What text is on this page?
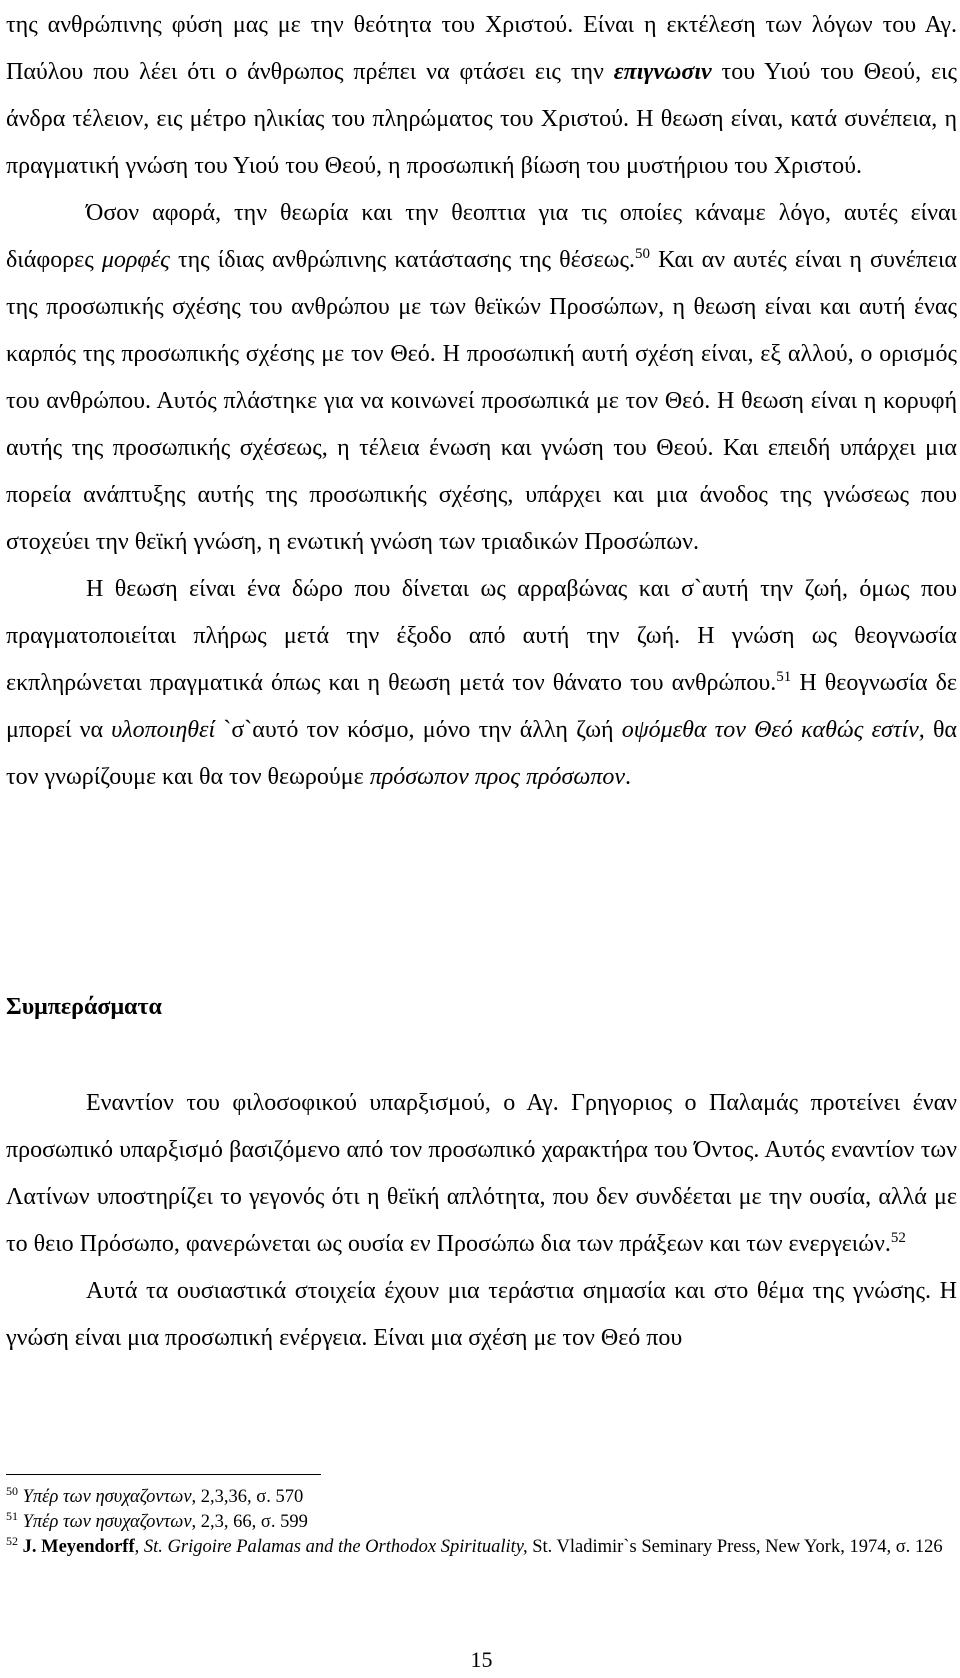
της ανθρώπινης φύση μας με την θεότητα του Χριστού. Είναι η εκτέλεση των λόγων του Αγ. Παύλου που λέει ότι ο άνθρωπος πρέπει να φτάσει εις την επιγνωσιν του Υιού του Θεού, εις άνδρα τέλειον, εις μέτρο ηλικίας του πληρώματος του Χριστού. Η θεωση είναι, κατά συνέπεια, η πραγματική γνώση του Υιού του Θεού, η προσωπική βίωση του μυστήριου του Χριστού.

Όσον αφορά, την θεωρία και την θεοπτια για τις οποίες κάναμε λόγο, αυτές είναι διάφορες μορφές της ίδιας ανθρώπινης κατάστασης της θέσεως.$^{50}$ Και αν αυτές είναι η συνέπεια της προσωπικής σχέσης του ανθρώπου με των θεϊκών Προσώπων, η θεωση είναι και αυτή ένας καρπός της προσωπικής σχέσης με τον Θεό. Η προσωπική αυτή σχέση είναι, εξ αλλού, ο ορισμός του ανθρώπου. Αυτός πλάστηκε για να κοινωνεί προσωπικά με τον Θεό. Η θεωση είναι η κορυφή αυτής της προσωπικής σχέσεως, η τέλεια ένωση και γνώση του Θεού. Και επειδή υπάρχει μια πορεία ανάπτυξης αυτής της προσωπικής σχέσης, υπάρχει και μια άνοδος της γνώσεως που στοχεύει την θεϊκή γνώση, η ενωτική γνώση των τριαδικών Προσώπων.

Η θεωση είναι ένα δώρο που δίνεται ως αρραβώνας και σ`αυτή την ζωή, όμως που πραγματοποιείται πλήρως μετά την έξοδο από αυτή την ζωή. Η γνώση ως θεογνωσία εκπληρώνεται πραγματικά όπως και η θεωση μετά τον θάνατο του ανθρώπου.$^{51}$ Η θεογνωσία δε μπορεί να υλοποιηθεί `σ`αυτό τον κόσμο, μόνο την άλλη ζωή οψόμεθα τον Θεό καθώς εστίν, θα τον γνωρίζουμε και θα τον θεωρούμε πρόσωπον προς πρόσωπον.

Συμπεράσματα

Εναντίον του φιλοσοφικού υπαρξισμού, ο Αγ. Γρηγοριος ο Παλαμάς προτείνει έναν προσωπικό υπαρξισμό βασιζόμενο από τον προσωπικό χαρακτήρα του Όντος. Αυτός εναντίον των Λατίνων υποστηρίζει το γεγονός ότι η θεϊκή απλότητα, που δεν συνδέεται με την ουσία, αλλά με το θειο Πρόσωπο, φανερώνεται ως ουσία εν Προσώπω δια των πράξεων και των ενεργειών.$^{52}$

Αυτά τα ουσιαστικά στοιχεία έχουν μια τεράστια σημασία και στο θέμα της γνώσης. Η γνώση είναι μια προσωπική ενέργεια. Είναι μια σχέση με τον Θεό που

$^{50}$ Υπέρ των ησυχαζοντων, 2,3,36, σ. 570

$^{51}$ Υπέρ των ησυχαζοντων, 2,3, 66, σ. 599

$^{52}$ J. Meyendorff, St. Grigoire Palamas and the Orthodox Spirituality, St. Vladimir`s Seminary Press, New York, 1974, σ. 126

15
